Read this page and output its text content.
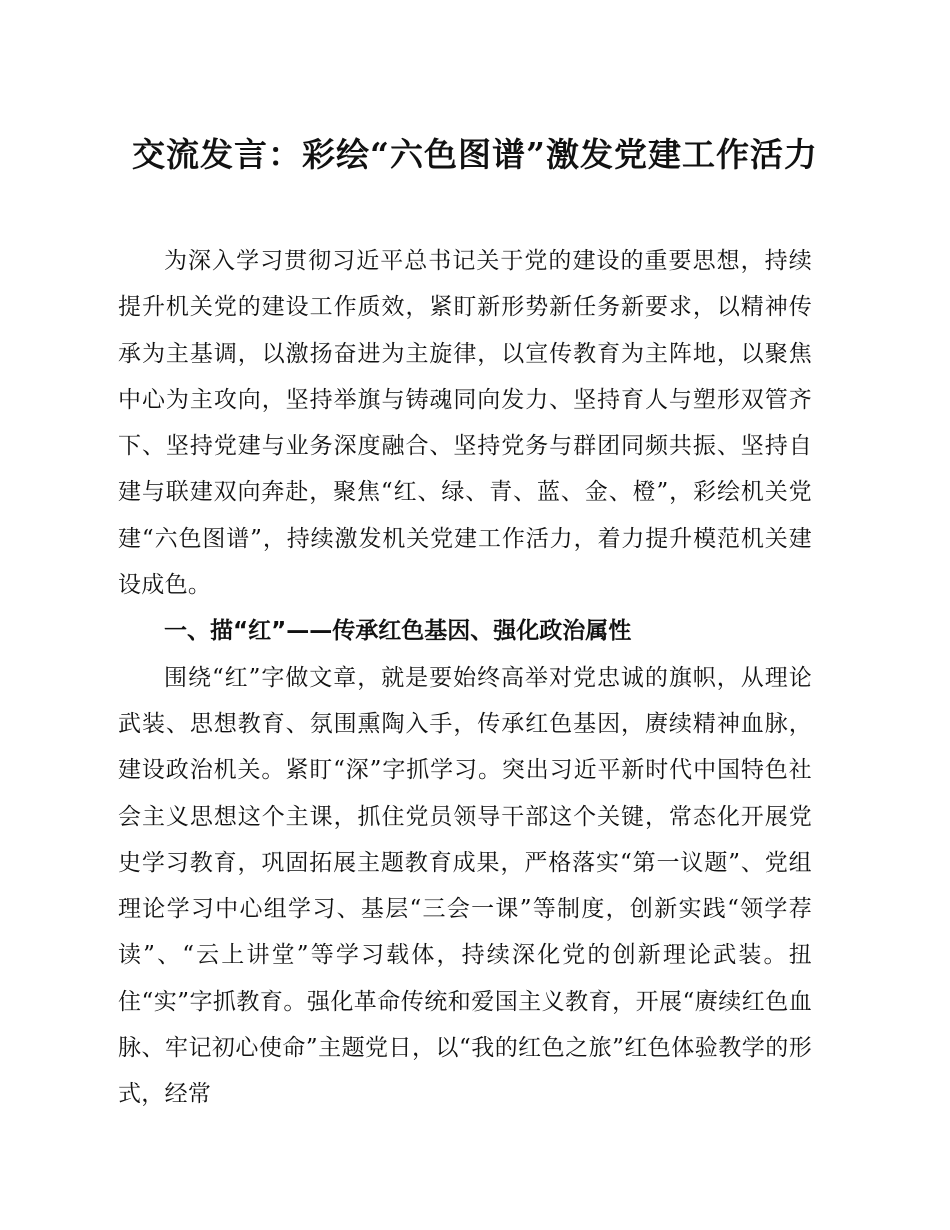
交流发言：彩绘“六色图谱”激发党建工作活力

为深入学习贯彻习近平总书记关于党的建设的重要思想，持续提升机关党的建设工作质效，紧盯新形势新任务新要求，以精神传承为主基调，以激扬奋进为主旋律，以宣传教育为主阵地，以聚焦中心为主攻向，坚持举旗与铸魂同向发力、坚持育人与塑形双管齐下、坚持党建与业务深度融合、坚持党务与群团同频共振、坚持自建与联建双向奔赴，聚焦“红、绿、青、蓝、金、橙”，彩绘机关党建“六色图谱”，持续激发机关党建工作活力，着力提升模范机关建设成色。

一、描“红”——传承红色基因、强化政治属性

围绕“红”字做文章，就是要始终高举对党忠诚的旗帜，从理论武装、思想教育、氛围熏陶入手，传承红色基因，赓续精神血脉，建设政治机关。紧盯“深”字抓学习。突出习近平新时代中国特色社会主义思想这个主课，抓住党员领导干部这个关键，常态化开展党史学习教育，巩固拓展主题教育成果，严格落实“第一议题”、党组理论学习中心组学习、基层“三会一课”等制度，创新实践“领学荐读”、“云上讲堂”等学习载体，持续深化党的创新理论武装。扭住“实”字抓教育。强化革命传统和爱国主义教育，开展“赓续红色血脉、牢记初心使命”主题党日，以“我的红色之旅”红色体验教学的形式，经常
